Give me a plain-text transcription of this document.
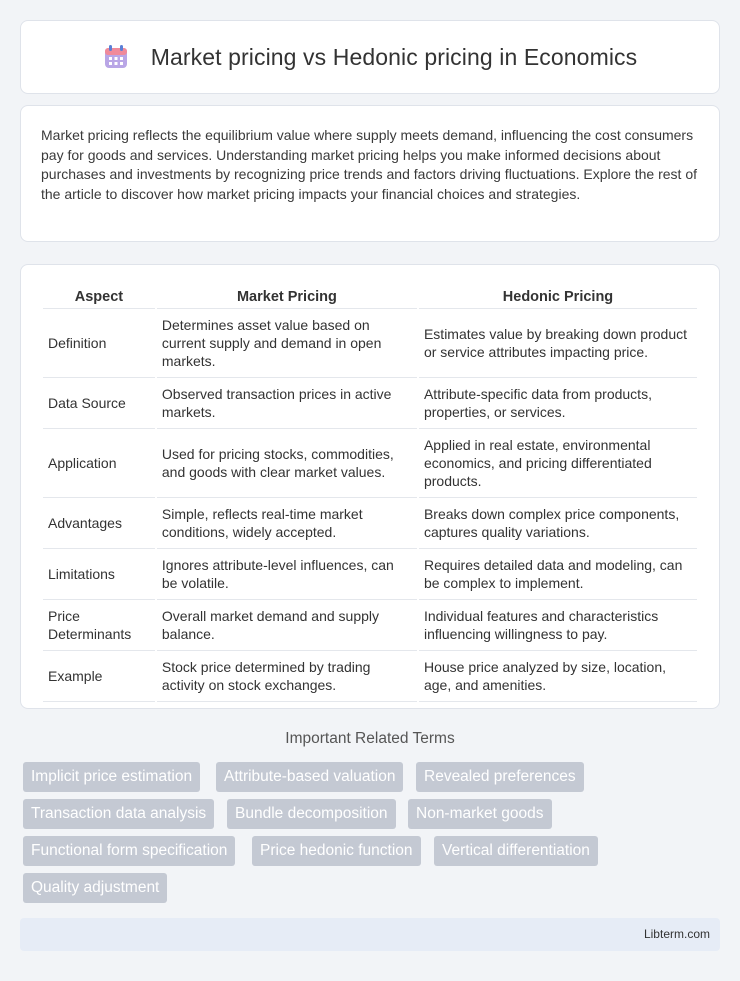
Market pricing vs Hedonic pricing in Economics

Market pricing reflects the equilibrium value where supply meets demand, influencing the cost consumers pay for goods and services. Understanding market pricing helps you make informed decisions about purchases and investments by recognizing price trends and factors driving fluctuations. Explore the rest of the article to discover how market pricing impacts your financial choices and strategies.

Aspect	Market Pricing	Hedonic Pricing
Definition	Determines asset value based on current supply and demand in open markets.	Estimates value by breaking down product or service attributes impacting price.
Data Source	Observed transaction prices in active markets.	Attribute-specific data from products, properties, or services.
Application	Used for pricing stocks, commodities, and goods with clear market values.	Applied in real estate, environmental economics, and pricing differentiated products.
Advantages	Simple, reflects real-time market conditions, widely accepted.	Breaks down complex price components, captures quality variations.
Limitations	Ignores attribute-level influences, can be volatile.	Requires detailed data and modeling, can be complex to implement.
Price Determinants	Overall market demand and supply balance.	Individual features and characteristics influencing willingness to pay.
Example	Stock price determined by trading activity on stock exchanges.	House price analyzed by size, location, age, and amenities.
Important Related Terms
Implicit price estimation	Attribute-based valuation	Revealed preferences
Transaction data analysis	Bundle decomposition	Non-market goods
Functional form specification	Price hedonic function	Vertical differentiation
Quality adjustment
Libterm.com
